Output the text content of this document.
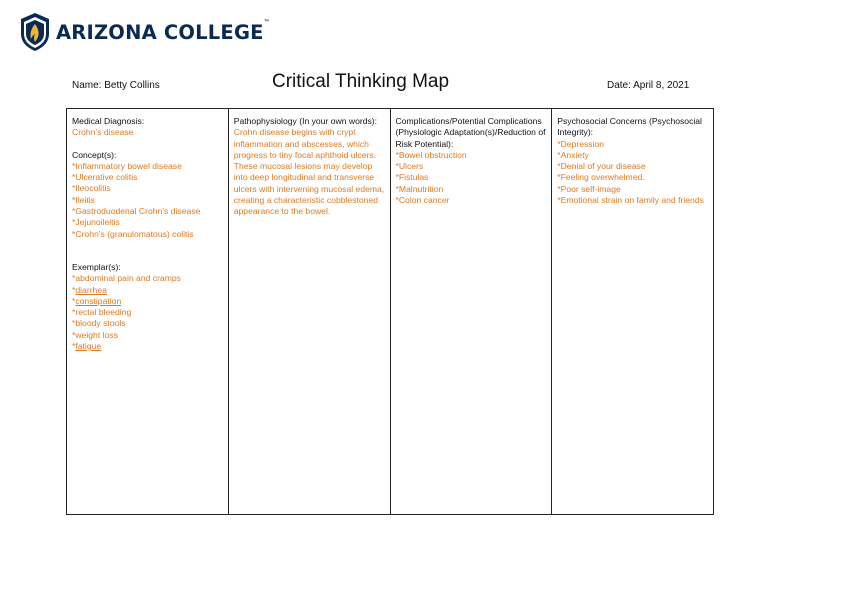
ARIZONA COLLEGE™
Name: Betty Collins	Critical Thinking Map	Date: April 8, 2021
Medical Diagnosis:
Crohn’s disease
Concept(s):
*Inflammatory bowel disease
*Ulcerative colitis
*Ileocolitis
*Ileitis
*Gastroduodenal Crohn’s disease
*Jejunoileitis
*Crohn’s (granulomatous) colitis
Exemplar(s):
*abdominal pain and cramps
*diarrhea
*constipation
*rectal bleeding
*bloody stools
*weight loss
*fatigue
Pathophysiology (In your own words):
Crohn disease begins with crypt inflammation and abscesses, which progress to tiny focal aphthoid ulcers. These mucosal lesions may develop into deep longitudinal and transverse ulcers with intervening mucosal edema, creating a characteristic cobblestoned appearance to the bowel.
Complications/Potential Complications (Physiologic Adaptation(s)/Reduction of Risk Potential):
*Bowel obstruction
*Ulcers
*Fistulas
*Malnutrition
*Colon cancer
Psychosocial Concerns (Psychosocial Integrity):
*Depression
*Anxiety
*Denial of your disease
*Feeling overwhelmed.
*Poor self-image
*Emotional strain on family and friends
